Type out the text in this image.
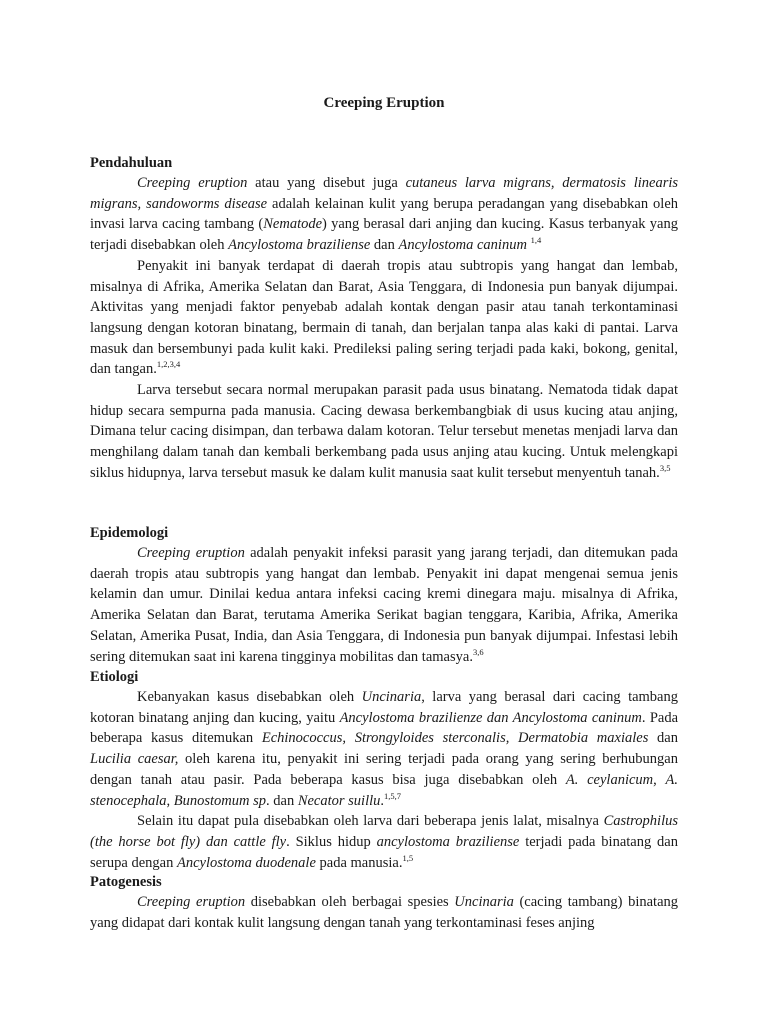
Creeping Eruption
Pendahuluan

Creeping eruption atau yang disebut juga cutaneus larva migrans, dermatosis linearis migrans, sandoworms disease adalah kelainan kulit yang berupa peradangan yang disebabkan oleh invasi larva cacing tambang (Nematode) yang berasal dari anjing dan kucing. Kasus terbanyak yang terjadi disebabkan oleh Ancylostoma braziliense dan Ancylostoma caninum $^{1,4}$

Penyakit ini banyak terdapat di daerah tropis atau subtropis yang hangat dan lembab, misalnya di Afrika, Amerika Selatan dan Barat, Asia Tenggara, di Indonesia pun banyak dijumpai. Aktivitas yang menjadi faktor penyebab adalah kontak dengan pasir atau tanah terkontaminasi langsung dengan kotoran binatang, bermain di tanah, dan berjalan tanpa alas kaki di pantai. Larva masuk dan bersembunyi pada kulit kaki. Predileksi paling sering terjadi pada kaki, bokong, genital, dan tangan.$^{1,2,3,4}$

Larva tersebut secara normal merupakan parasit pada usus binatang. Nematoda tidak dapat hidup secara sempurna pada manusia. Cacing dewasa berkembangbiak di usus kucing atau anjing, Dimana telur cacing disimpan, dan terbawa dalam kotoran. Telur tersebut menetas menjadi larva dan menghilang dalam tanah dan kembali berkembang pada usus anjing atau kucing. Untuk melengkapi siklus hidupnya, larva tersebut masuk ke dalam kulit manusia saat kulit tersebut menyentuh tanah.$^{3,5}$

Epidemologi

Creeping eruption adalah penyakit infeksi parasit yang jarang terjadi, dan ditemukan pada daerah tropis atau subtropis yang hangat dan lembab. Penyakit ini dapat mengenai semua jenis kelamin dan umur. Dinilai kedua antara infeksi cacing kremi dinegara maju. misalnya di Afrika, Amerika Selatan dan Barat, terutama Amerika Serikat bagian tenggara, Karibia, Afrika, Amerika Selatan, Amerika Pusat, India, dan Asia Tenggara, di Indonesia pun banyak dijumpai. Infestasi lebih sering ditemukan saat ini karena tingginya mobilitas dan tamasya.$^{3,6}$

Etiologi

Kebanyakan kasus disebabkan oleh Uncinaria, larva yang berasal dari cacing tambang kotoran binatang anjing dan kucing, yaitu Ancylostoma brazilienze dan Ancylostoma caninum. Pada beberapa kasus ditemukan Echinococcus, Strongyloides sterconalis, Dermatobia maxiales dan Lucilia caesar, oleh karena itu, penyakit ini sering terjadi pada orang yang sering berhubungan dengan tanah atau pasir. Pada beberapa kasus bisa juga disebabkan oleh A. ceylanicum, A. stenocephala, Bunostomum sp. dan Necator suillu.$^{1,5,7}$

Selain itu dapat pula disebabkan oleh larva dari beberapa jenis lalat, misalnya Castrophilus (the horse bot fly) dan cattle fly. Siklus hidup ancylostoma braziliense terjadi pada binatang dan serupa dengan Ancylostoma duodenale pada manusia.$^{1,5}$

Patogenesis

Creeping eruption disebabkan oleh berbagai spesies Uncinaria (cacing tambang) binatang yang didapat dari kontak kulit langsung dengan tanah yang terkontaminasi feses anjing
